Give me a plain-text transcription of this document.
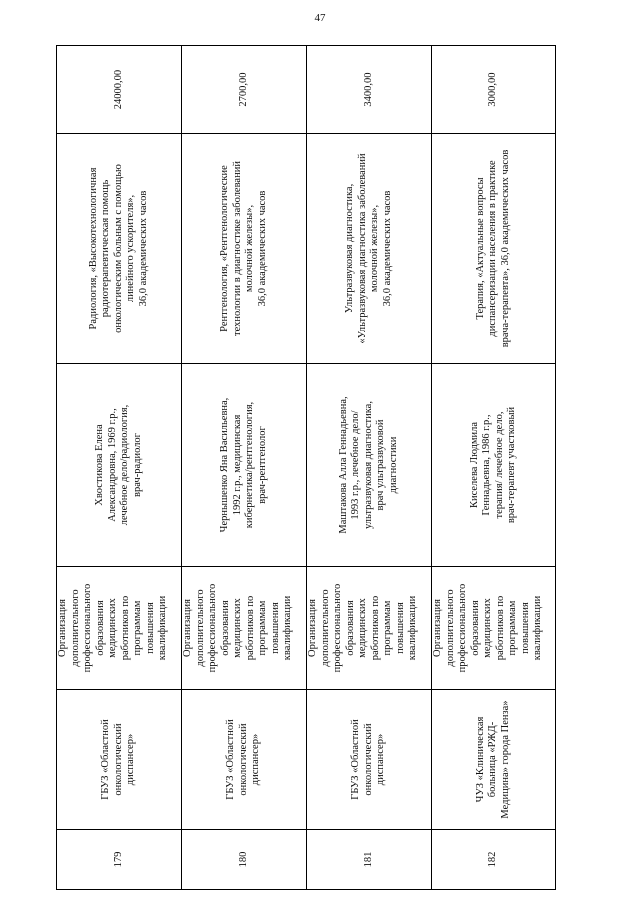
47
179
ГБУЗ «Областной
онкологический
диспансер»
Организация
дополнительного
профессионального
образования
медицинских
работников по
программам
повышения
квалификации
Хвостикова Елена
Александровна, 1969 г.р.,
лечебное дело/радиология,
врач-радиолог
Радиология, «Высокотехнологичная
радиотерапевтическая помощь
онкологическим больным с помощью
линейного ускорителя»,
36,0 академических часов
24000,00
180
ГБУЗ «Областной
онкологический
диспансер»
Организация
дополнительного
профессионального
образования
медицинских
работников по
программам
повышения
квалификации
Чернышенко Яна Васильевна,
1992 г.р., медицинская
кибернетика/рентгенология,
врач-рентгенолог
Рентгенология, «Рентгенологические
технологии в диагностике заболеваний
молочной железы»,
36,0 академических часов
2700,00
181
ГБУЗ «Областной
онкологический
диспансер»
Организация
дополнительного
профессионального
образования
медицинских
работников по
программам
повышения
квалификации
Маштакова Алла Геннадьевна,
1993 г.р., лечебное дело/
ультразвуковая диагностика,
врач ультразвуковой
диагностики
Ультразвуковая диагностика,
«Ультразвуковая диагностика заболеваний
молочной железы»,
36,0 академических часов
3400,00
182
ЧУЗ «Клиническая
больница «РЖД-
Медицина» города Пенза»
Организация
дополнительного
профессионального
образования
медицинских
работников по
программам
повышения
квалификации
Киселева Людмила
Геннадьевна, 1986 г.р.,
терапия/ лечебное дело,
врач-терапевт участковый
Терапия, «Актуальные вопросы
диспансеризации населения в практике
врача-терапевта», 36,0 академических часов
3000,00
